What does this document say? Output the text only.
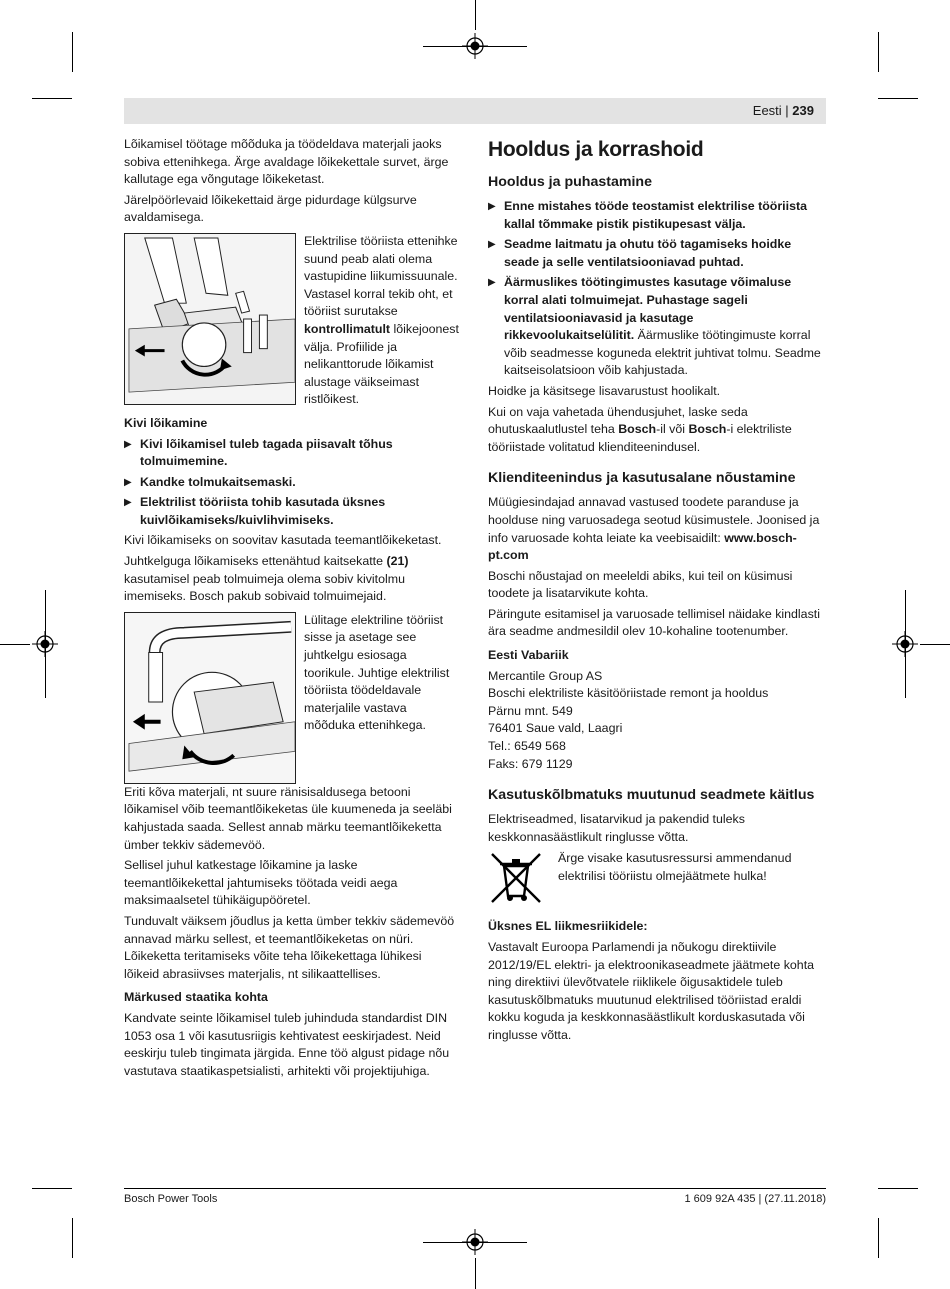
Eesti | 239

Lõikamisel töötage mõõduka ja töödeldava materjali jaoks sobiva ettenihkega. Ärge avaldage lõikekettale survet, ärge kallutage ega võngutage lõikeketast.

Järelpöörlevaid lõikekettaid ärge pidurdage külgsurve avaldamisega.

Elektrilise tööriista ettenihke suund peab alati olema vastupidine liikumissuunale. Vastasel korral tekib oht, et tööriist surutakse kontrollimatult lõikejoonest välja. Profiilide ja nelikanttorude lõikamist alustage väikseimast ristlõikest.
Kivi lõikamine
▶ Kivi lõikamisel tuleb tagada piisavalt tõhus tolmuimemine.
▶ Kandke tolmukaitsemaski.
▶ Elektrilist tööriista tohib kasutada üksnes kuivlõikamiseks/kuivlihvimiseks.

Kivi lõikamiseks on soovitav kasutada teemantlõikeketast.

Juhtkelguga lõikamiseks ettenähtud kaitsekatte (21) kasutamisel peab tolmuimeja olema sobiv kivitolmu imemiseks. Bosch pakub sobivaid tolmuimejaid.

Lülitage elektriline tööriist sisse ja asetage see juhtkelgu esiosaga toorikule. Juhtige elektrilist tööriista töödeldavale materjalile vastava mõõduka ettenihkega.

Eriti kõva materjali, nt suure ränisisaldusega betooni lõikamisel võib teemantlõikeketas üle kuumeneda ja seeläbi kahjustada saada. Sellest annab märku teemantlõikeketta ümber tekkiv sädemevöö.

Sellisel juhul katkestage lõikamine ja laske teemantlõikekettal jahtumiseks töötada veidi aega maksimaalsetel tühikäigupööretel.

Tunduvalt väiksem jõudlus ja ketta ümber tekkiv sädemevöö annavad märku sellest, et teemantlõikeketas on nüri. Lõikeketta teritamiseks võite teha lõikekettaga lühikesi lõikeid abrasiivses materjalis, nt silikaattellises.

Märkused staatika kohta

Kandvate seinte lõikamisel tuleb juhinduda standardist DIN 1053 osa 1 või kasutusriigis kehtivatest eeskirjadest. Neid eeskirju tuleb tingimata järgida. Enne töö algust pidage nõu vastutava staatikaspetsialisti, arhitekti või projektijuhiga.

Hooldus ja korrashoid
Hooldus ja puhastamine
▶ Enne mistahes tööde teostamist elektrilise tööriista kallal tõmmake pistik pistikupesast välja.
▶ Seadme laitmatu ja ohutu töö tagamiseks hoidke seade ja selle ventilatsiooniavad puhtad.
▶ Äärmuslikes töötingimustes kasutage võimaluse korral alati tolmuimejat. Puhastage sageli ventilatsiooniavasid ja kasutage rikkevoolukaitselülitit. Äärmuslike töötingimuste korral võib seadmesse koguneda elektrit juhtivat tolmu. Seadme kaitseisolatsioon võib kahjustada.

Hoidke ja käsitsege lisavarustust hoolikalt.

Kui on vaja vahetada ühendusjuhet, laske seda ohutuskaalutlustel teha Bosch-il või Bosch-i elektriliste tööriistade volitatud klienditeenindusel.

Klienditeenindus ja kasutusalane nõustamine

Müügiesindajad annavad vastused toodete paranduse ja hoolduse ning varuosadega seotud küsimustele. Joonised ja info varuosade kohta leiate ka veebisaidilt: www.bosch-pt.com

Boschi nõustajad on meeleldi abiks, kui teil on küsimusi toodete ja lisatarvikute kohta.

Päringute esitamisel ja varuosade tellimisel näidake kindlasti ära seadme andmesildil olev 10-kohaline tootenumber.

Eesti Vabariik
Mercantile Group AS
Boschi elektriliste käsitööriistade remont ja hooldus
Pärnu mnt. 549
76401 Saue vald, Laagri
Tel.: 6549 568
Faks: 679 1129
Kasutuskõlbmatuks muutunud seadmete käitlus

Elektriseadmed, lisatarvikud ja pakendid tuleks keskkonnasäästlikult ringlusse võtta.

Ärge visake kasutusressursi ammendanud elektrilisi tööriistu olmejäätmete hulka!
Üksnes EL liikmesriikidele:

Vastavalt Euroopa Parlamendi ja nõukogu direktiivile 2012/19/EL elektri- ja elektroonikaseadmete jäätmete kohta ning direktiivi ülevõtvatele riiklikele õigusaktidele tuleb kasutuskõlbmatuks muutunud elektrilised tööriistad eraldi kokku koguda ja keskkonnasäästlikult korduskasutada või ringlusse võtta.

Bosch Power Tools	1 609 92A 435 | (27.11.2018)
